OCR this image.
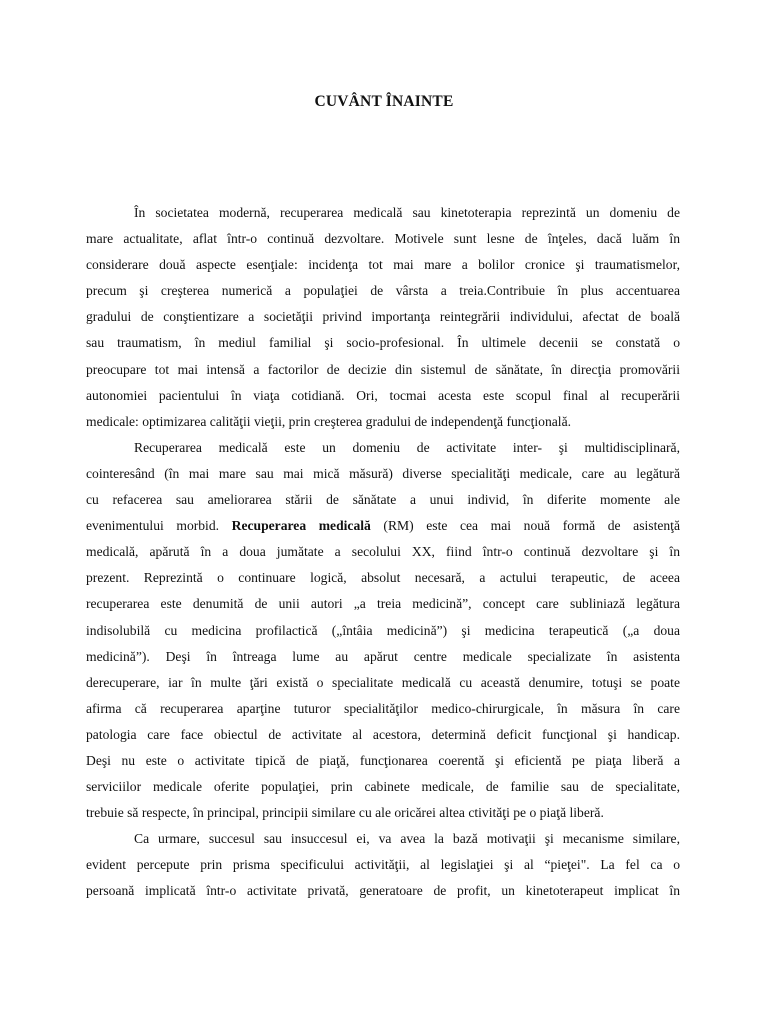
CUVÂNT ÎNAINTE
În societatea modernă, recuperarea medicală sau kinetoterapia reprezintă un domeniu de
mare actualitate, aflat într-o continuă dezvoltare. Motivele sunt lesne de înţeles, dacă luăm în
considerare două aspecte esenţiale: incidenţa tot mai mare a bolilor cronice şi traumatismelor,
precum şi creşterea numerică a populaţiei de vârsta a treia.Contribuie în plus accentuarea
gradului de conştientizare a societăţii privind importanţa reintegrării individului, afectat de boală
sau traumatism, în mediul familial şi socio-profesional. În ultimele decenii se constată o
preocupare tot mai intensă a factorilor de decizie din sistemul de sănătate, în direcţia promovării
autonomiei pacientului în viaţa cotidiană. Ori, tocmai acesta este scopul final al recuperării
medicale: optimizarea calităţii vieţii, prin creşterea gradului de independenţă funcţională.
Recuperarea medicală este un domeniu de activitate inter- şi multidisciplinară,
cointeresând (în mai mare sau mai mică măsură) diverse specialităţi medicale, care au legătură
cu refacerea sau ameliorarea stării de sănătate a unui individ, în diferite momente ale
evenimentului morbid. Recuperarea medicală (RM) este cea mai nouă formă de asistenţă
medicală, apărută în a doua jumătate a secolului XX, fiind într-o continuă dezvoltare şi în
prezent. Reprezintă o continuare logică, absolut necesară, a actului terapeutic, de aceea
recuperarea este denumită de unii autori „a treia medicină”, concept care subliniază legătura
indisolubilă cu medicina profilactică („întâia medicină”) şi medicina terapeutică („a doua
medicină”). Deşi în întreaga lume au apărut centre medicale specializate în asistenta
derecuperare, iar în multe ţări există o specialitate medicală cu această denumire, totuşi se poate
afirma că recuperarea aparţine tuturor specialităţilor medico-chirurgicale, în măsura în care
patologia care face obiectul de activitate al acestora, determină deficit funcţional şi handicap.
Deşi nu este o activitate tipică de piaţă, funcţionarea coerentă şi eficientă pe piaţa liberă a
serviciilor medicale oferite populaţiei, prin cabinete medicale, de familie sau de specialitate,
trebuie să respecte, în principal, principii similare cu ale oricărei altea ctivităţi pe o piaţă liberă.
Ca urmare, succesul sau insuccesul ei, va avea la bază motivaţii şi mecanisme similare,
evident percepute prin prisma specificului activităţii, al legislaţiei şi al “pieţei". La fel ca o
persoană implicată într-o activitate privată, generatoare de profit, un kinetoterapeut implicat în
